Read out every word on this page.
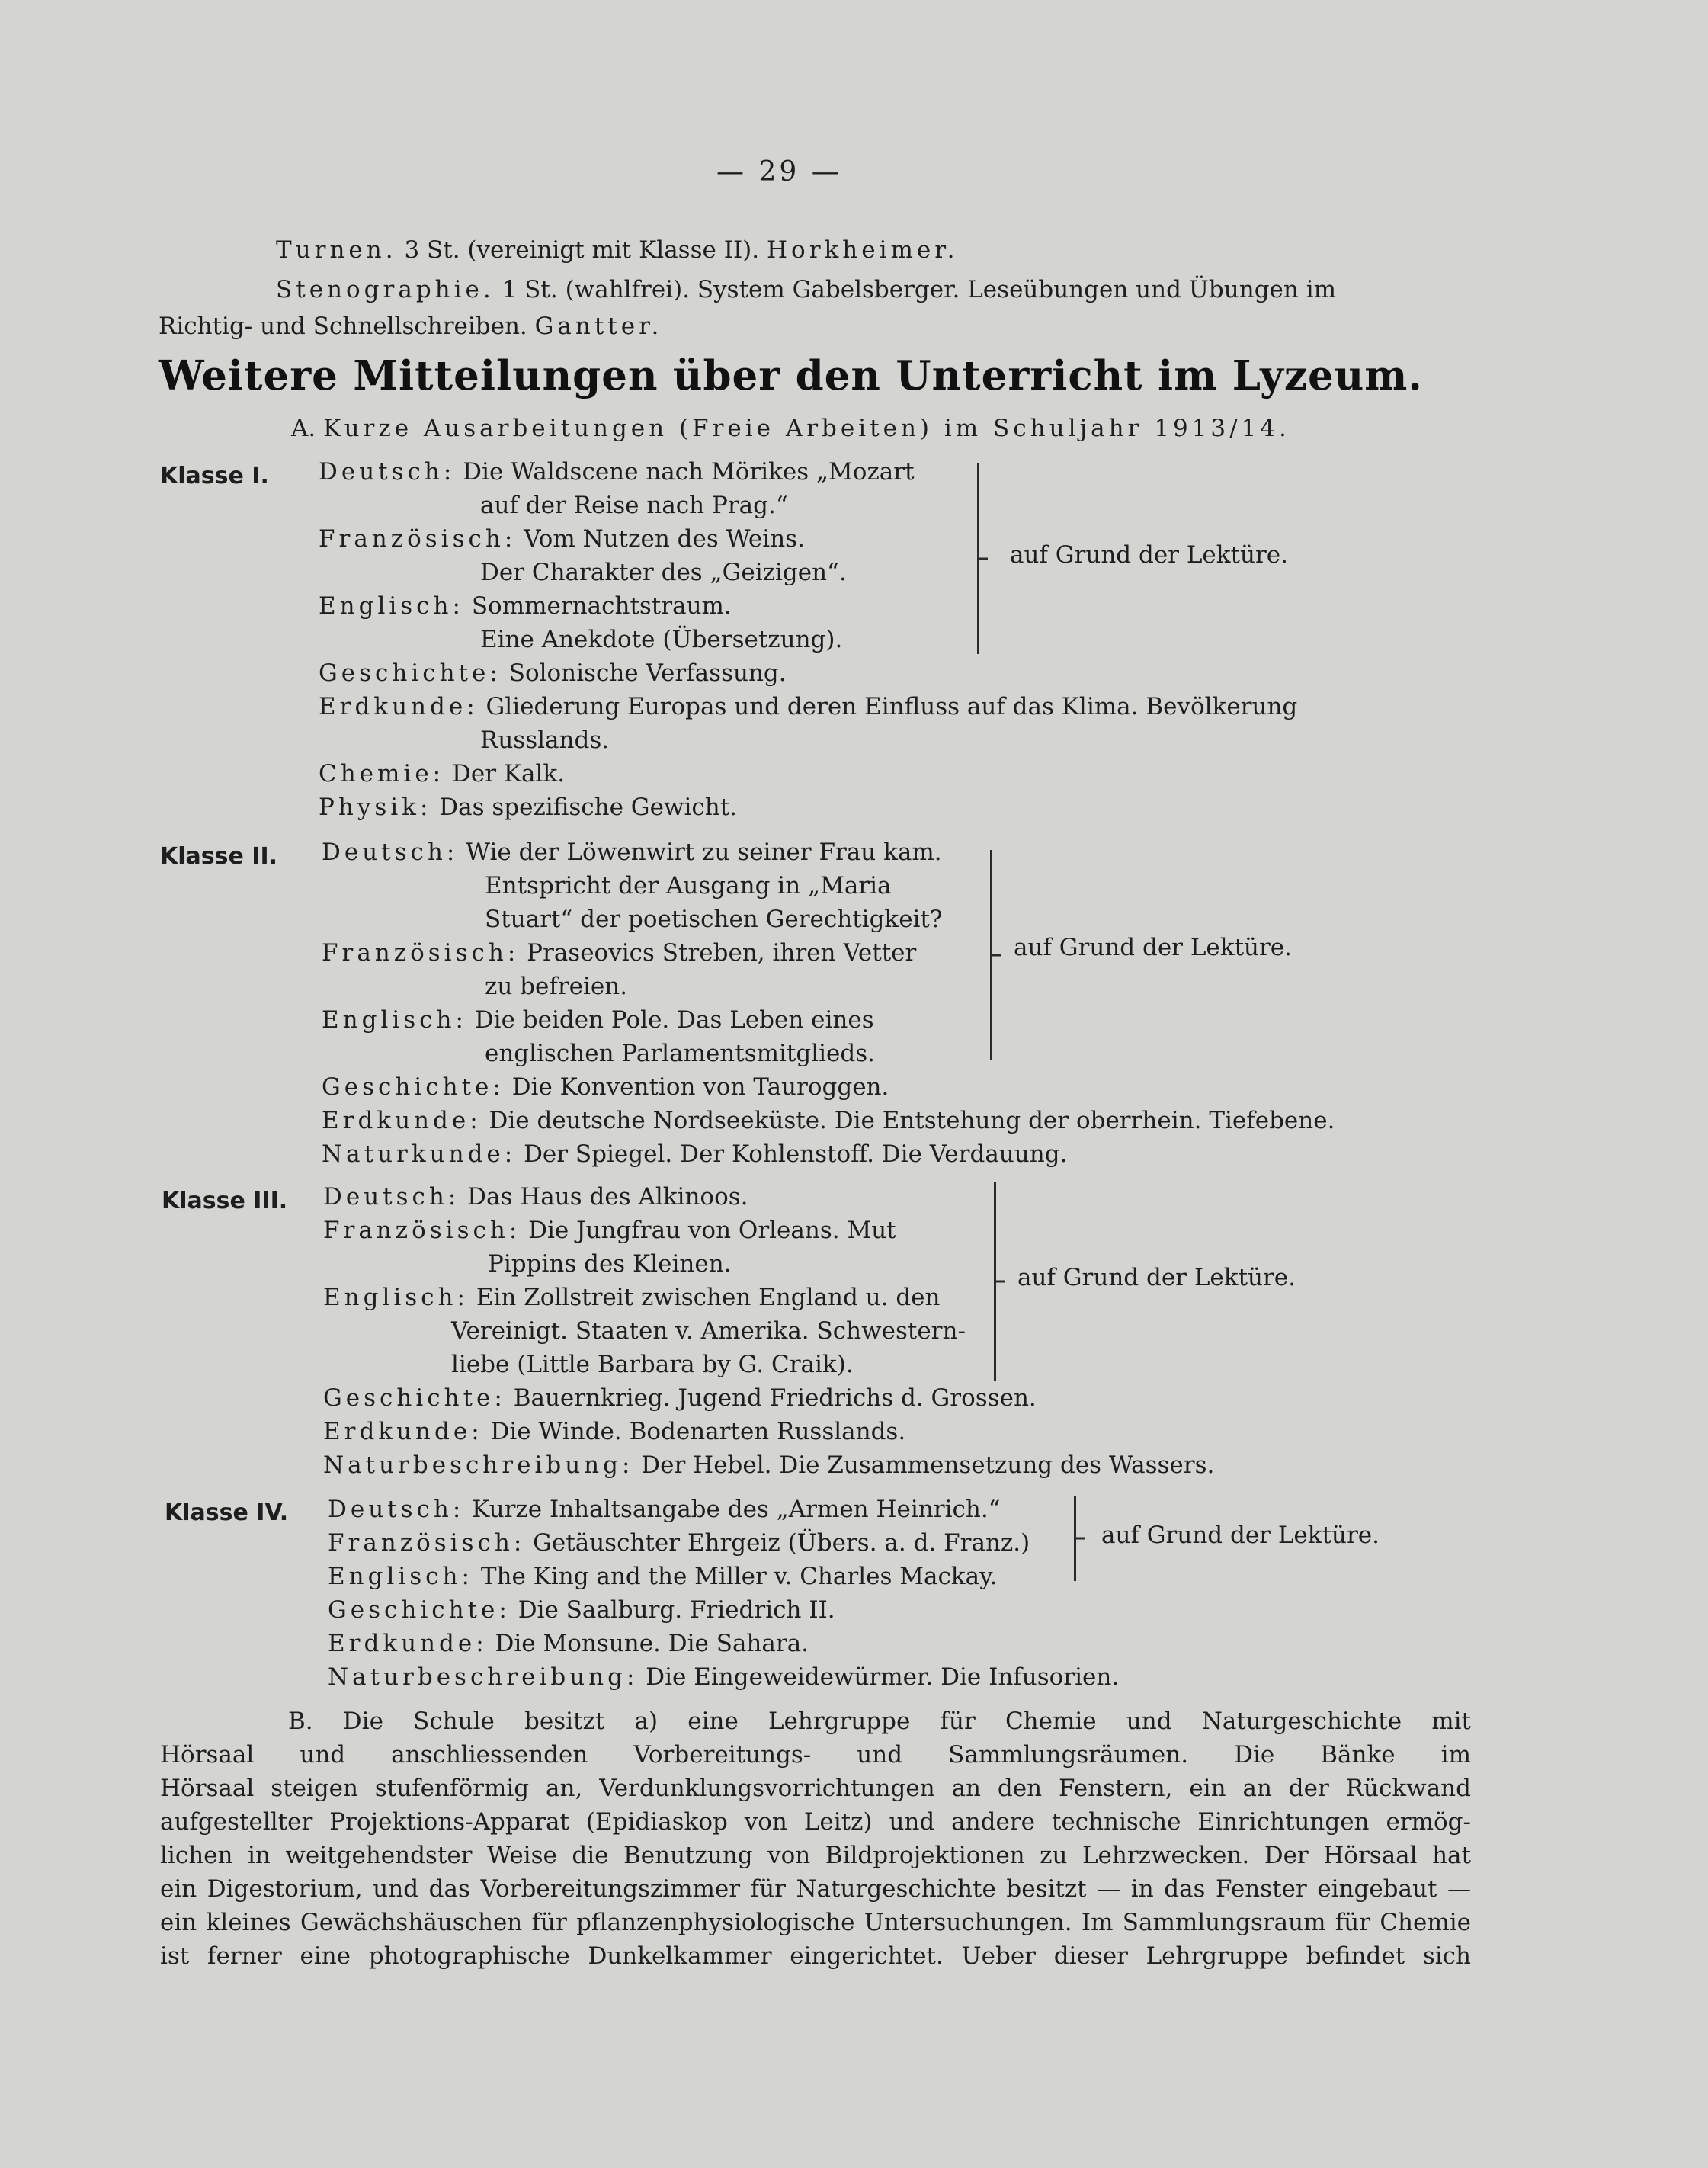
— 29 —
Turnen. 3 St. (vereinigt mit Klasse II). Horkheimer.
Stenographie. 1 St. (wahlfrei). System Gabelsberger. Leseübungen und Übungen im
Richtig- und Schnellschreiben. Gantter.
Weitere Mitteilungen über den Unterricht im Lyzeum.
A. Kurze Ausarbeitungen (Freie Arbeiten) im Schuljahr 1913/14.
Klasse I. Deutsch: Die Waldscene nach Mörikes „Mozart
auf der Reise nach Prag.“
Französisch: Vom Nutzen des Weins.
Der Charakter des „Geizigen“.
Englisch: Sommernachtstraum.
Eine Anekdote (Übersetzung).
Geschichte: Solonische Verfassung.
Erdkunde: Gliederung Europas und deren Einfluss auf das Klima. Bevölkerung
Russlands.
Chemie: Der Kalk.
Physik: Das spezifische Gewicht.
auf Grund der Lektüre.
Klasse II. Deutsch: Wie der Löwenwirt zu seiner Frau kam.
Entspricht der Ausgang in „Maria
Stuart“ der poetischen Gerechtigkeit?
Französisch: Praseovics Streben, ihren Vetter
zu befreien.
Englisch: Die beiden Pole. Das Leben eines
englischen Parlamentsmitglieds.
Geschichte: Die Konvention von Tauroggen.
Erdkunde: Die deutsche Nordseeküste. Die Entstehung der oberrhein. Tiefebene.
Naturkunde: Der Spiegel. Der Kohlenstoff. Die Verdauung.
auf Grund der Lektüre.
Klasse III. Deutsch: Das Haus des Alkinoos.
Französisch: Die Jungfrau von Orleans. Mut
Pippins des Kleinen.
Englisch: Ein Zollstreit zwischen England u. den
Vereinigt. Staaten v. Amerika. Schwestern-
liebe (Little Barbara by G. Craik).
Geschichte: Bauernkrieg. Jugend Friedrichs d. Grossen.
Erdkunde: Die Winde. Bodenarten Russlands.
Naturbeschreibung: Der Hebel. Die Zusammensetzung des Wassers.
auf Grund der Lektüre.
Klasse IV. Deutsch: Kurze Inhaltsangabe des „Armen Heinrich.“
Französisch: Getäuschter Ehrgeiz (Übers. a. d. Franz.)
Englisch: The King and the Miller v. Charles Mackay.
Geschichte: Die Saalburg. Friedrich II.
Erdkunde: Die Monsune. Die Sahara.
Naturbeschreibung: Die Eingeweidewürmer. Die Infusorien.
auf Grund der Lektüre.
B. Die Schule besitzt a) eine Lehrgruppe für Chemie und Naturgeschichte mit
Hörsaal und anschliessenden Vorbereitungs- und Sammlungsräumen. Die Bänke im
Hörsaal steigen stufenförmig an, Verdunklungsvorrichtungen an den Fenstern, ein an der Rückwand
aufgestellter Projektions-Apparat (Epidiaskop von Leitz) und andere technische Einrichtungen ermög-
lichen in weitgehendster Weise die Benutzung von Bildprojektionen zu Lehrzwecken. Der Hörsaal hat
ein Digestorium, und das Vorbereitungszimmer für Naturgeschichte besitzt — in das Fenster eingebaut —
ein kleines Gewächshäuschen für pflanzenphysiologische Untersuchungen. Im Sammlungsraum für Chemie
ist ferner eine photographische Dunkelkammer eingerichtet. Ueber dieser Lehrgruppe befindet sich
